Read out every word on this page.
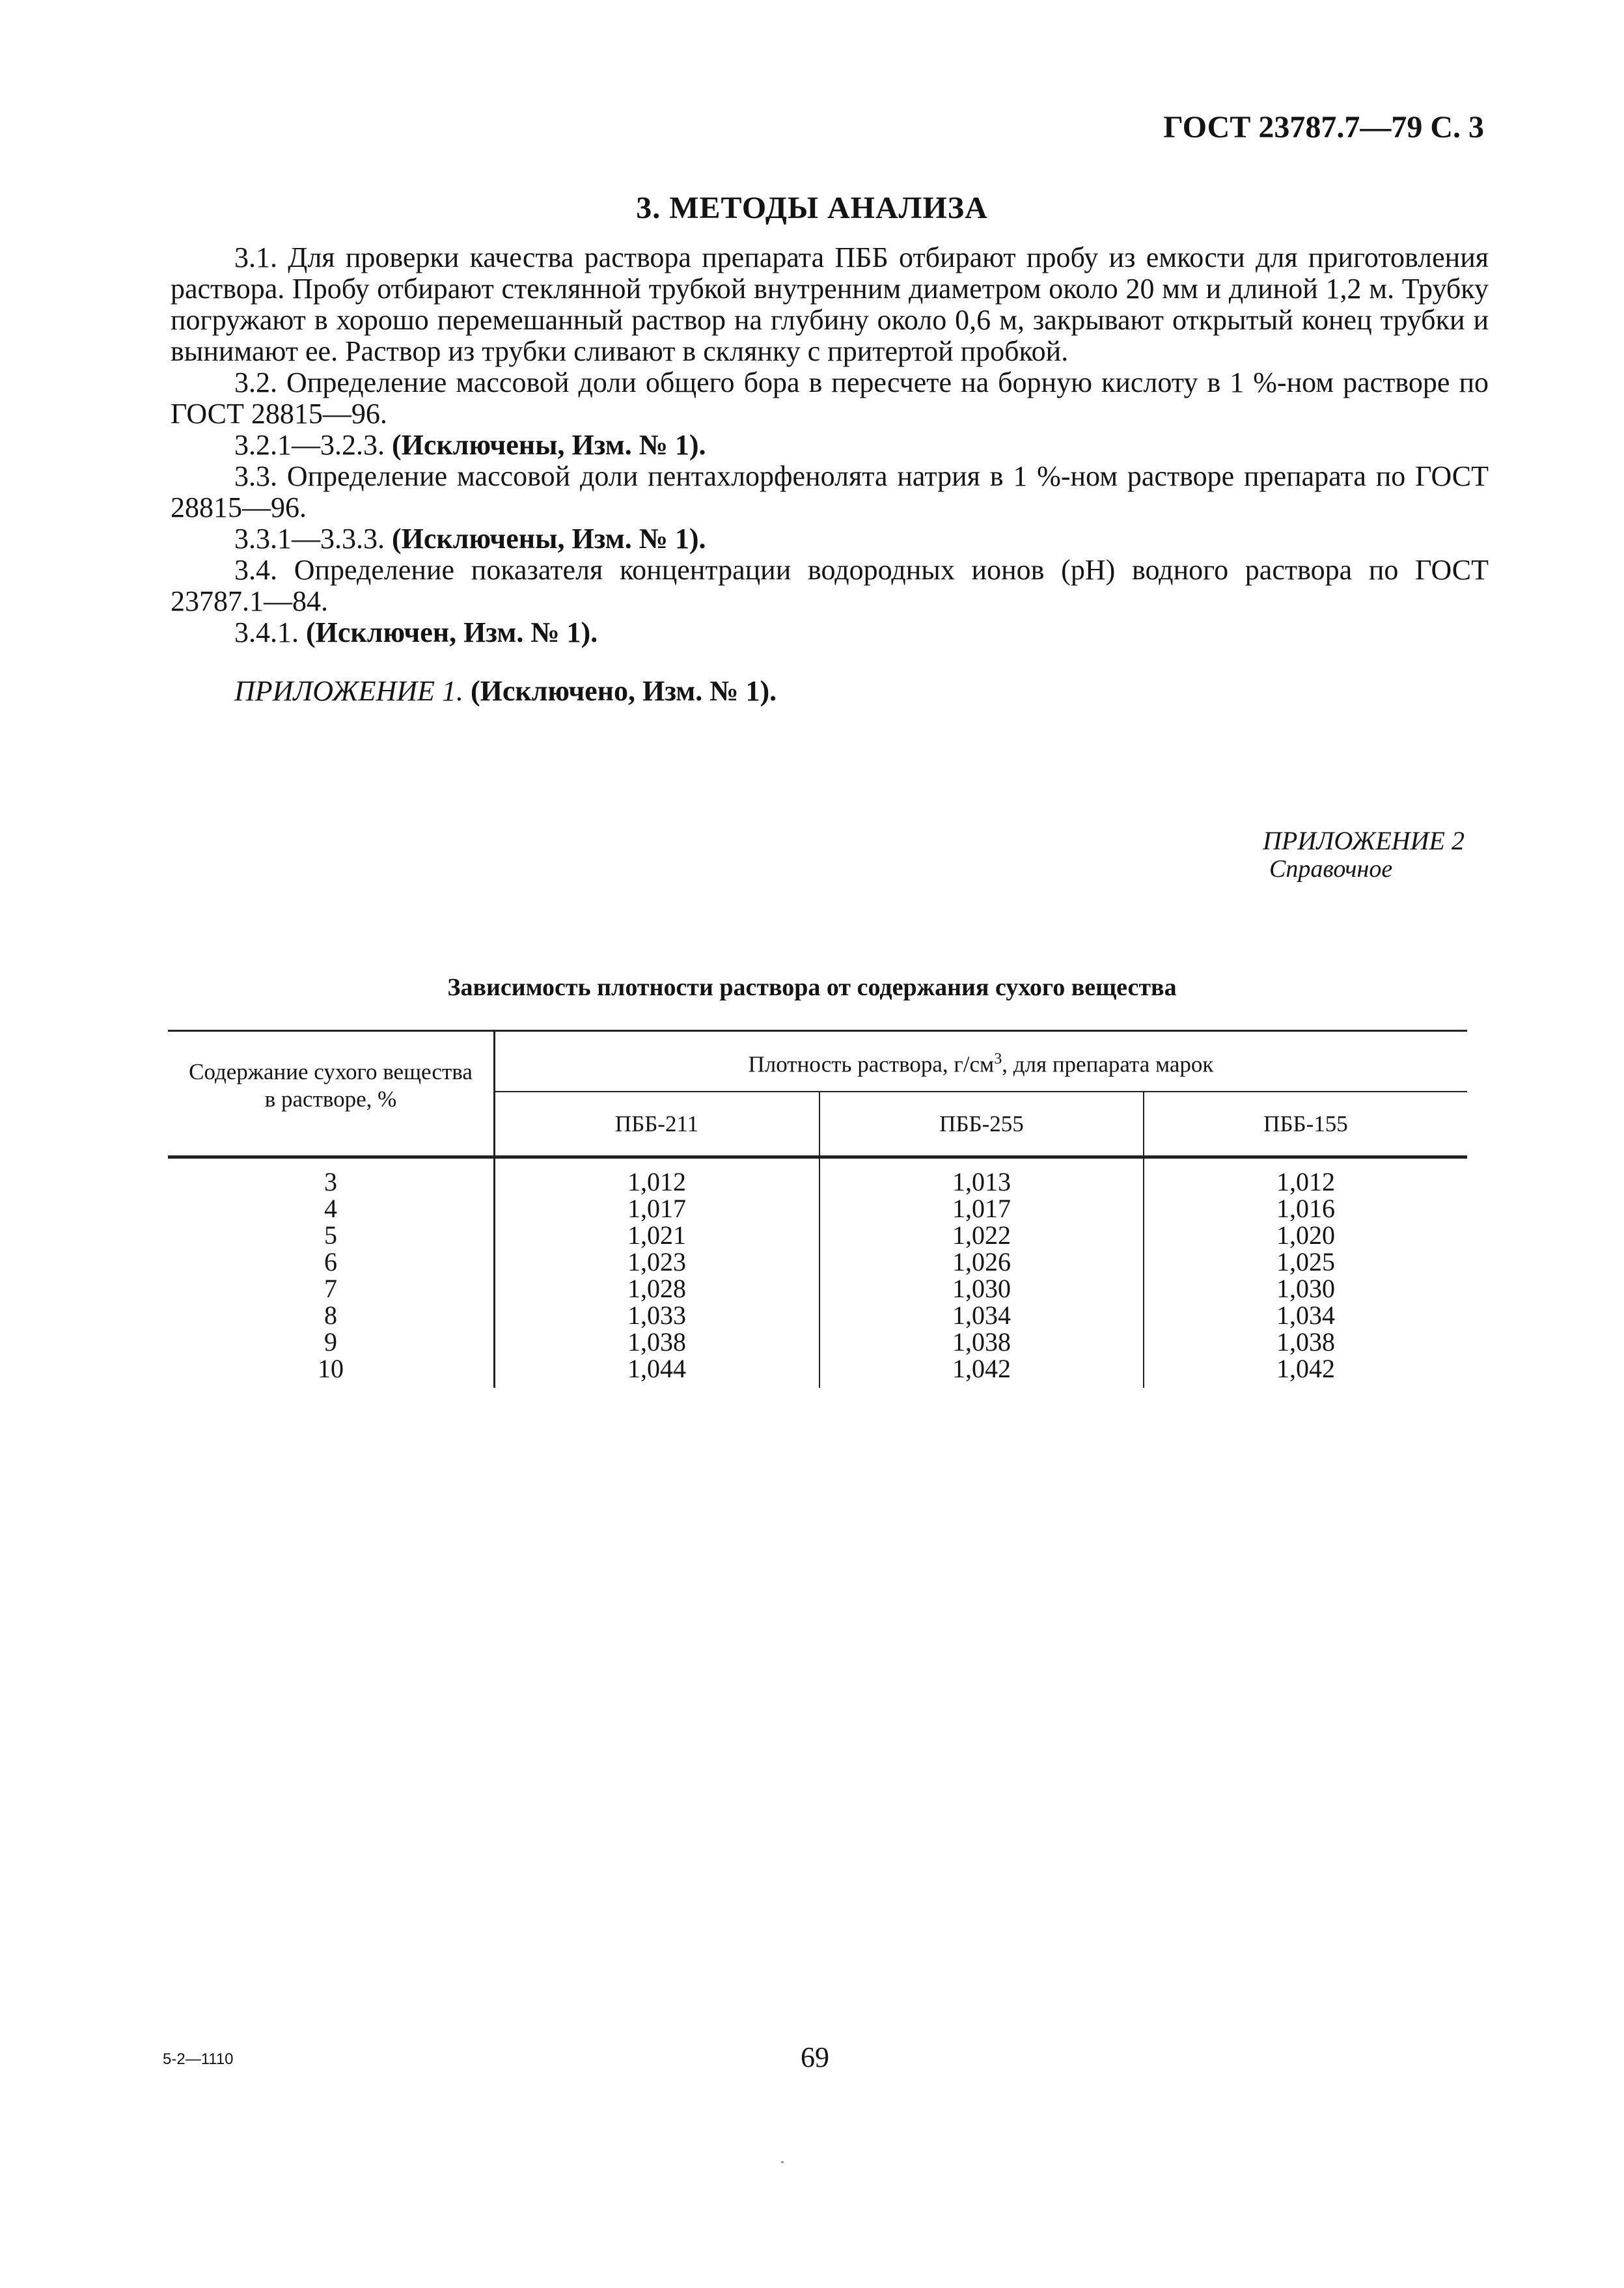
ГОСТ 23787.7—79 С. 3
3. МЕТОДЫ АНАЛИЗА
3.1. Для проверки качества раствора препарата ПББ отбирают пробу из емкости для приготовления раствора. Пробу отбирают стеклянной трубкой внутренним диаметром около 20 мм и длиной 1,2 м. Трубку погружают в хорошо перемешанный раствор на глубину около 0,6 м, закрывают открытый конец трубки и вынимают ее. Раствор из трубки сливают в склянку с притертой пробкой.
3.2. Определение массовой доли общего бора в пересчете на борную кислоту в 1 %-ном растворе по ГОСТ 28815—96.
3.2.1—3.2.3. (Исключены, Изм. № 1).
3.3. Определение массовой доли пентахлорфенолята натрия в 1 %-ном растворе препарата по ГОСТ 28815—96.
3.3.1—3.3.3. (Исключены, Изм. № 1).
3.4. Определение показателя концентрации водородных ионов (pH) водного раствора по ГОСТ 23787.1—84.
3.4.1. (Исключен, Изм. № 1).
ПРИЛОЖЕНИЕ 1. (Исключено, Изм. № 1).
ПРИЛОЖЕНИЕ 2
Справочное
Зависимость плотности раствора от содержания сухого вещества
Содержание сухого вещества
в растворе, %
Плотность раствора, $г/см^3$, для препарата марок
ПББ-211	ПББ-255	ПББ-155
3	1,012	1,013	1,012
4	1,017	1,017	1,016
5	1,021	1,022	1,020
6	1,023	1,026	1,025
7	1,028	1,030	1,030
8	1,033	1,034	1,034
9	1,038	1,038	1,038
10	1,044	1,042	1,042
5-2—1110	69
